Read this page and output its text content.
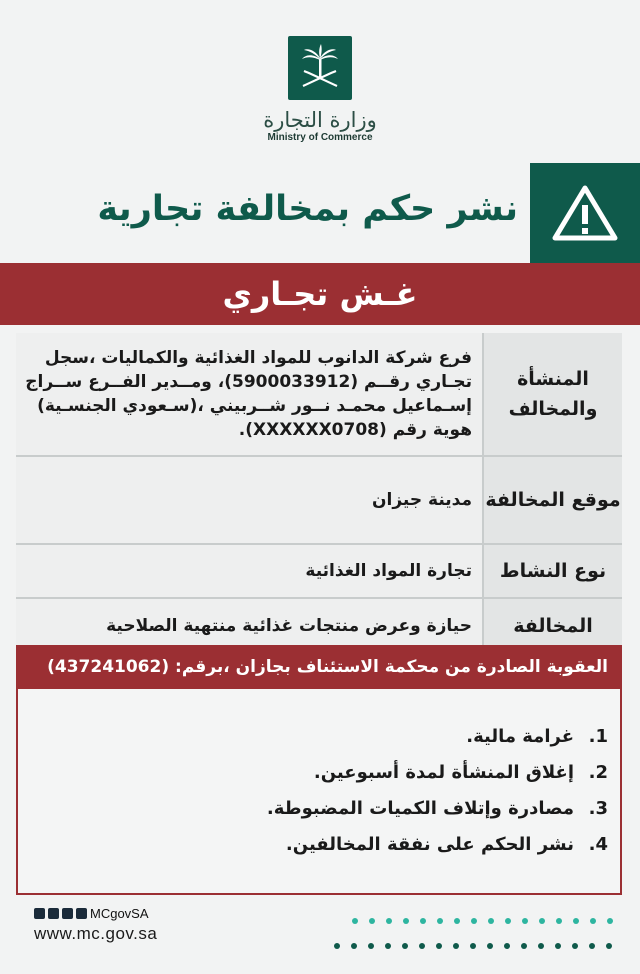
وزارة التجارة
Ministry of Commerce
نشر حكم بمخالفة تجارية
غـش تجـاري
المنشأة والمخالف	فرع شركة الدانوب للمواد الغذائية والكماليات ،سجل تجـاري رقــم (5900033912)، ومــدير الفــرع ســراج إسـماعيل محمـد نــور شــربيني ،(سـعودي الجنسـية) هوية رقم (XXXXXX0708).
موقع المخالفة	مدينة جيزان
نوع النشاط	تجارة المواد الغذائية
المخالفة	حيازة وعرض منتجات غذائية منتهية الصلاحية
العقوبة الصادرة من محكمة الاستئناف بجازان ،برقم: (437241062)
1.غرامة مالية.
2.إغلاق المنشأة لمدة أسبوعين.
3.مصادرة وإتلاف الكميات المضبوطة.
4.نشر الحكم على نفقة المخالفين.
MCgovSA
www.mc.gov.sa
